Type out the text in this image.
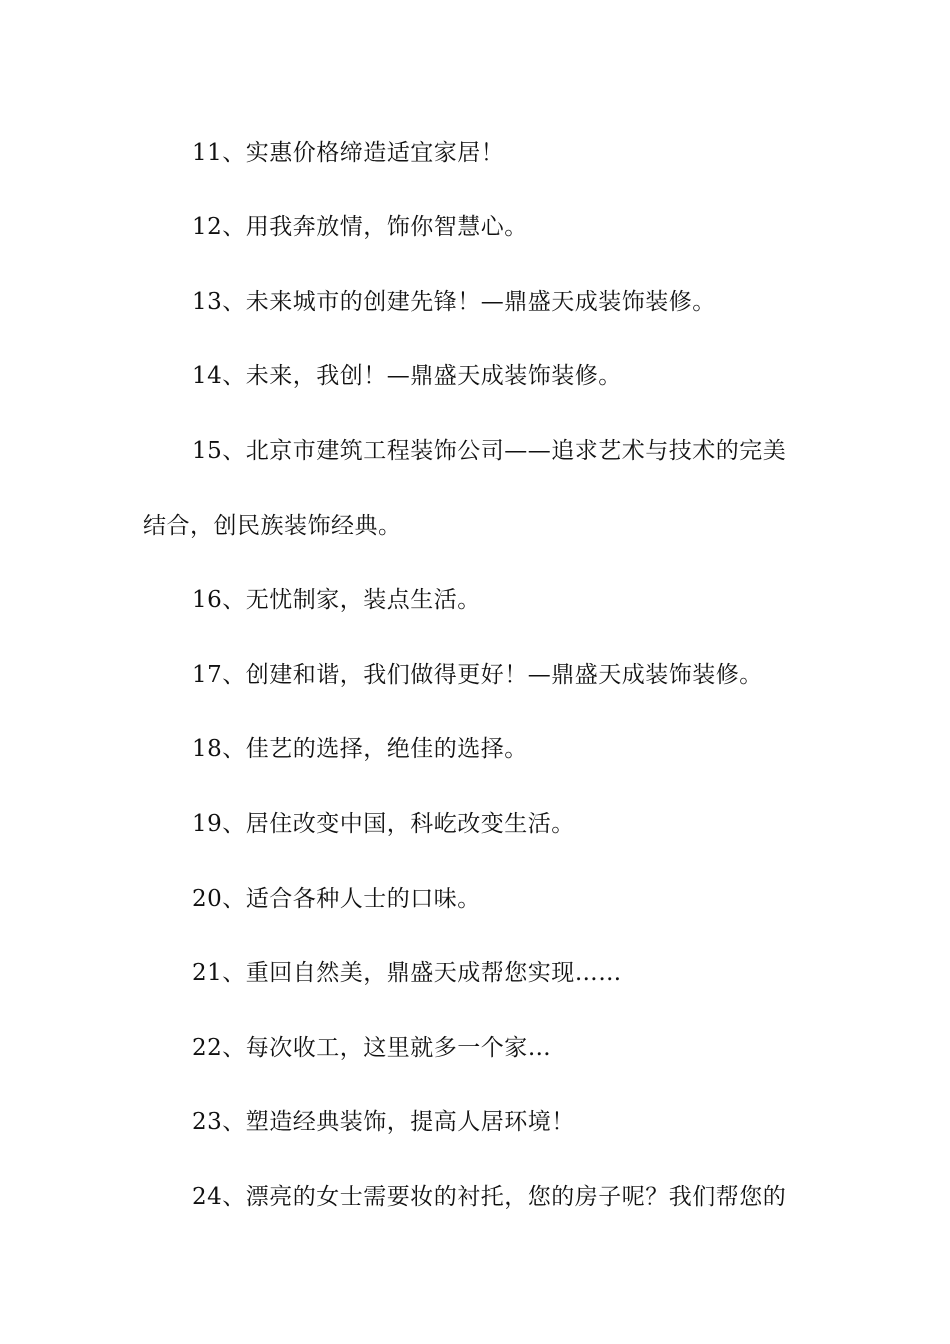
11、实惠价格缔造适宜家居！
12、用我奔放情，饰你智慧心。
13、未来城市的创建先锋！—鼎盛天成装饰装修。
14、未来，我创！—鼎盛天成装饰装修。
15、北京市建筑工程装饰公司——追求艺术与技术的完美
结合，创民族装饰经典。
16、无忧制家，装点生活。
17、创建和谐，我们做得更好！—鼎盛天成装饰装修。
18、佳艺的选择，绝佳的选择。
19、居住改变中国，科屹改变生活。
20、适合各种人士的口味。
21、重回自然美，鼎盛天成帮您实现……
22、每次收工，这里就多一个家…
23、塑造经典装饰，提高人居环境！
24、漂亮的女士需要妆的衬托，您的房子呢？我们帮您的
